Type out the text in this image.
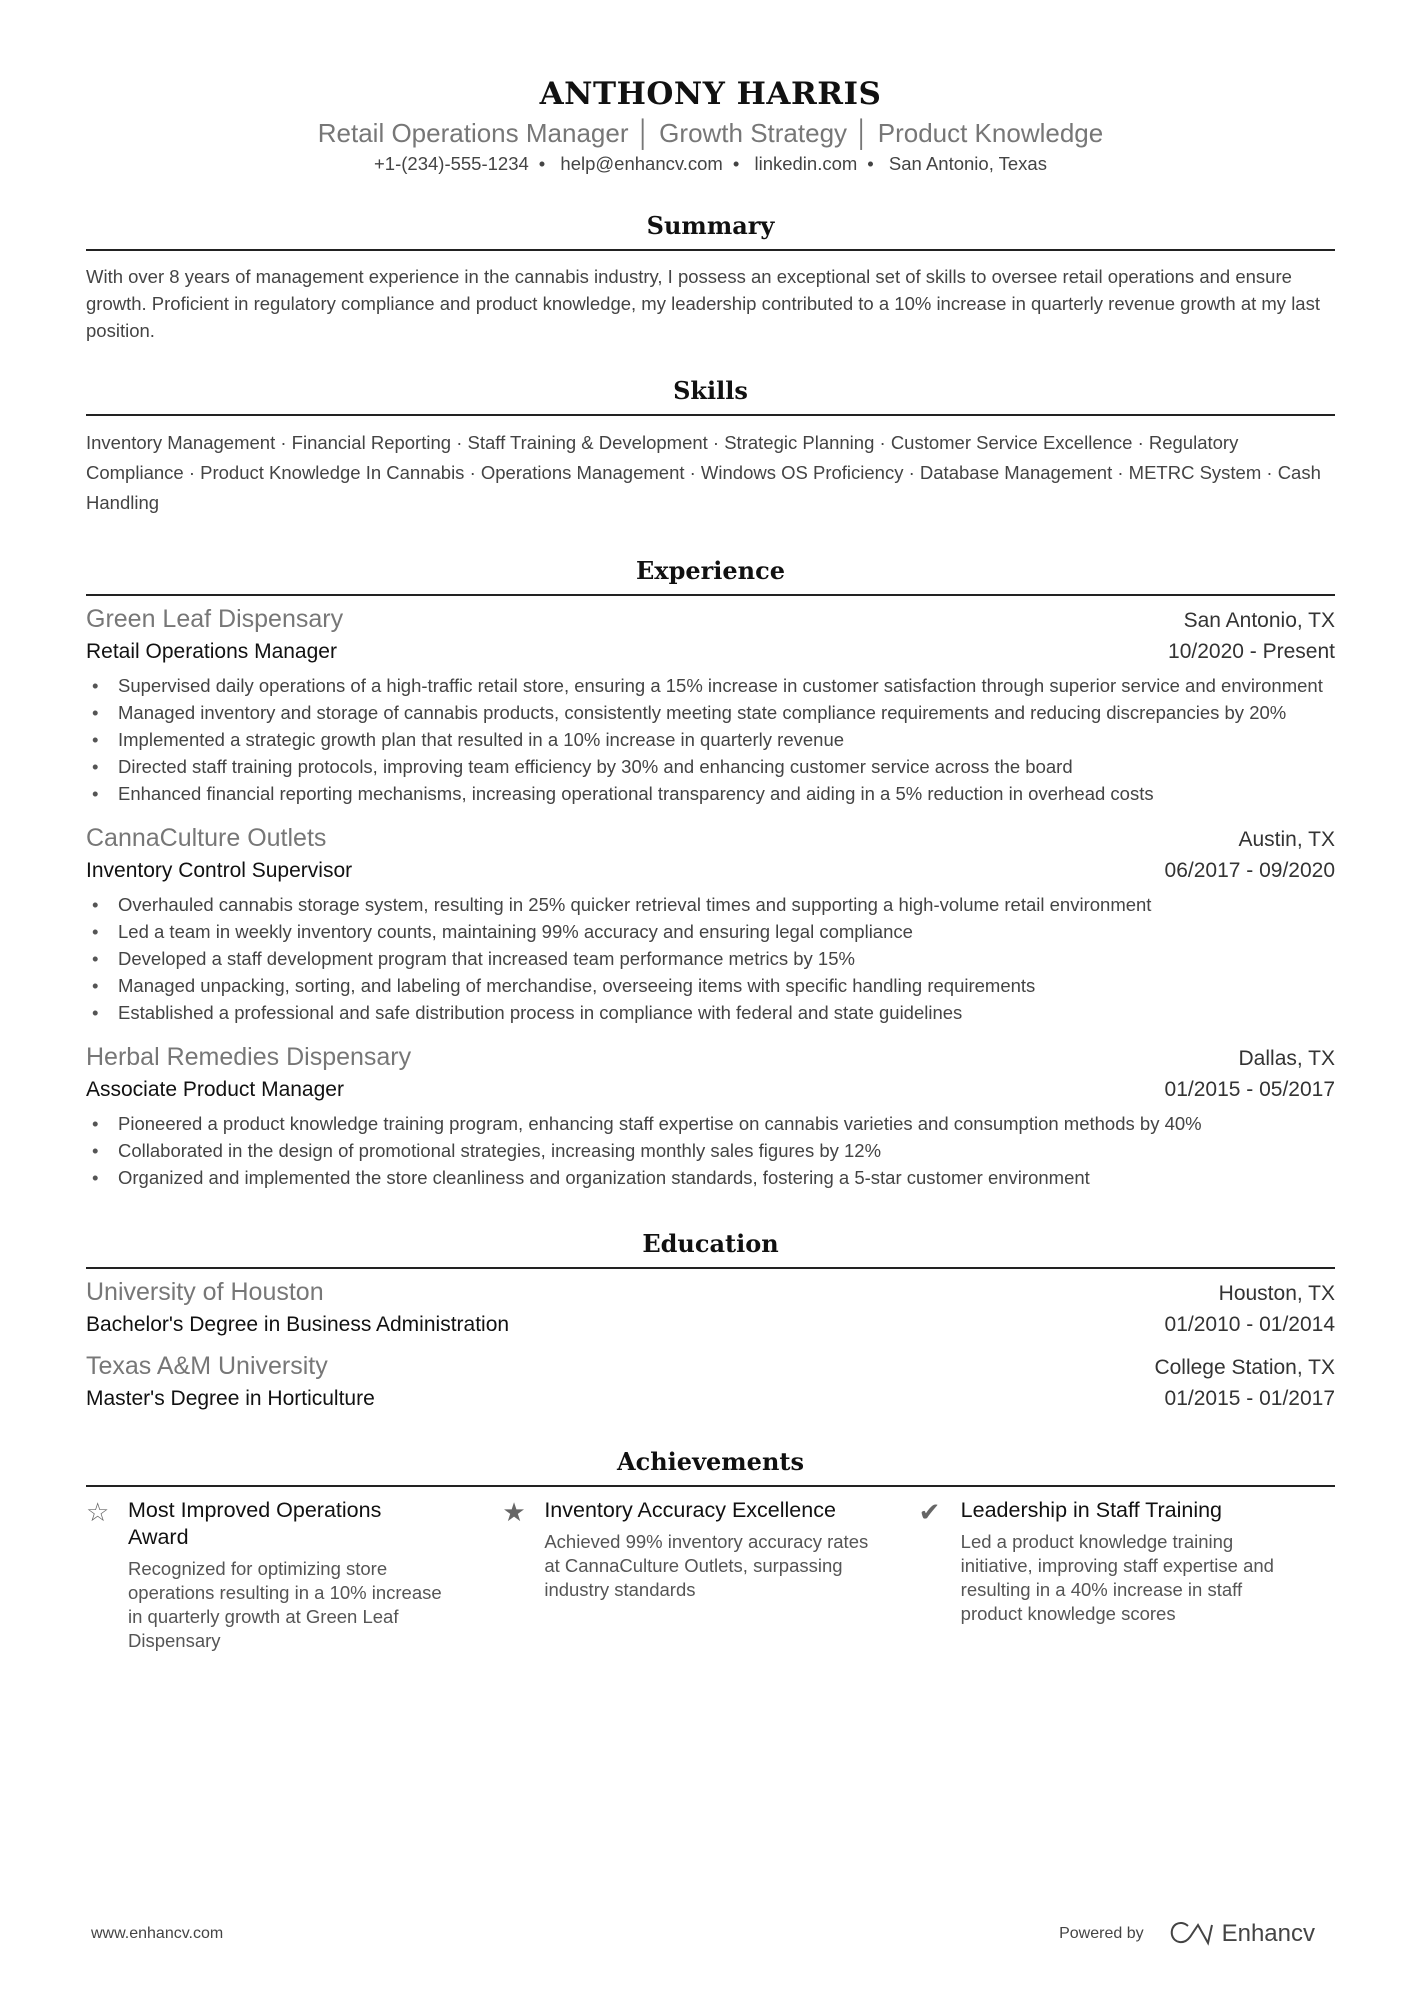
ANTHONY HARRIS
Retail Operations Manager │ Growth Strategy │ Product Knowledge
+1-(234)-555-1234 • help@enhancv.com • linkedin.com • San Antonio, Texas
Summary
With over 8 years of management experience in the cannabis industry, I possess an exceptional set of skills to oversee retail operations and ensure growth. Proficient in regulatory compliance and product knowledge, my leadership contributed to a 10% increase in quarterly revenue growth at my last position.
Skills
Inventory Management · Financial Reporting · Staff Training & Development · Strategic Planning · Customer Service Excellence · Regulatory Compliance · Product Knowledge In Cannabis · Operations Management · Windows OS Proficiency · Database Management · METRC System · Cash Handling
Experience
Green Leaf Dispensary	San Antonio, TX
Retail Operations Manager	10/2020 - Present
• Supervised daily operations of a high-traffic retail store, ensuring a 15% increase in customer satisfaction through superior service and environment
• Managed inventory and storage of cannabis products, consistently meeting state compliance requirements and reducing discrepancies by 20%
• Implemented a strategic growth plan that resulted in a 10% increase in quarterly revenue
• Directed staff training protocols, improving team efficiency by 30% and enhancing customer service across the board
• Enhanced financial reporting mechanisms, increasing operational transparency and aiding in a 5% reduction in overhead costs
CannaCulture Outlets	Austin, TX
Inventory Control Supervisor	06/2017 - 09/2020
• Overhauled cannabis storage system, resulting in 25% quicker retrieval times and supporting a high-volume retail environment
• Led a team in weekly inventory counts, maintaining 99% accuracy and ensuring legal compliance
• Developed a staff development program that increased team performance metrics by 15%
• Managed unpacking, sorting, and labeling of merchandise, overseeing items with specific handling requirements
• Established a professional and safe distribution process in compliance with federal and state guidelines
Herbal Remedies Dispensary	Dallas, TX
Associate Product Manager	01/2015 - 05/2017
• Pioneered a product knowledge training program, enhancing staff expertise on cannabis varieties and consumption methods by 40%
• Collaborated in the design of promotional strategies, increasing monthly sales figures by 12%
• Organized and implemented the store cleanliness and organization standards, fostering a 5-star customer environment
Education
University of Houston	Houston, TX
Bachelor's Degree in Business Administration	01/2010 - 01/2014
Texas A&M University	College Station, TX
Master's Degree in Horticulture	01/2015 - 01/2017
Achievements
☆ Most Improved Operations Award
Recognized for optimizing store operations resulting in a 10% increase in quarterly growth at Green Leaf Dispensary
★ Inventory Accuracy Excellence
Achieved 99% inventory accuracy rates at CannaCulture Outlets, surpassing industry standards
✔ Leadership in Staff Training
Led a product knowledge training initiative, improving staff expertise and resulting in a 40% increase in staff product knowledge scores
www.enhancv.com	Powered by	Enhancv
